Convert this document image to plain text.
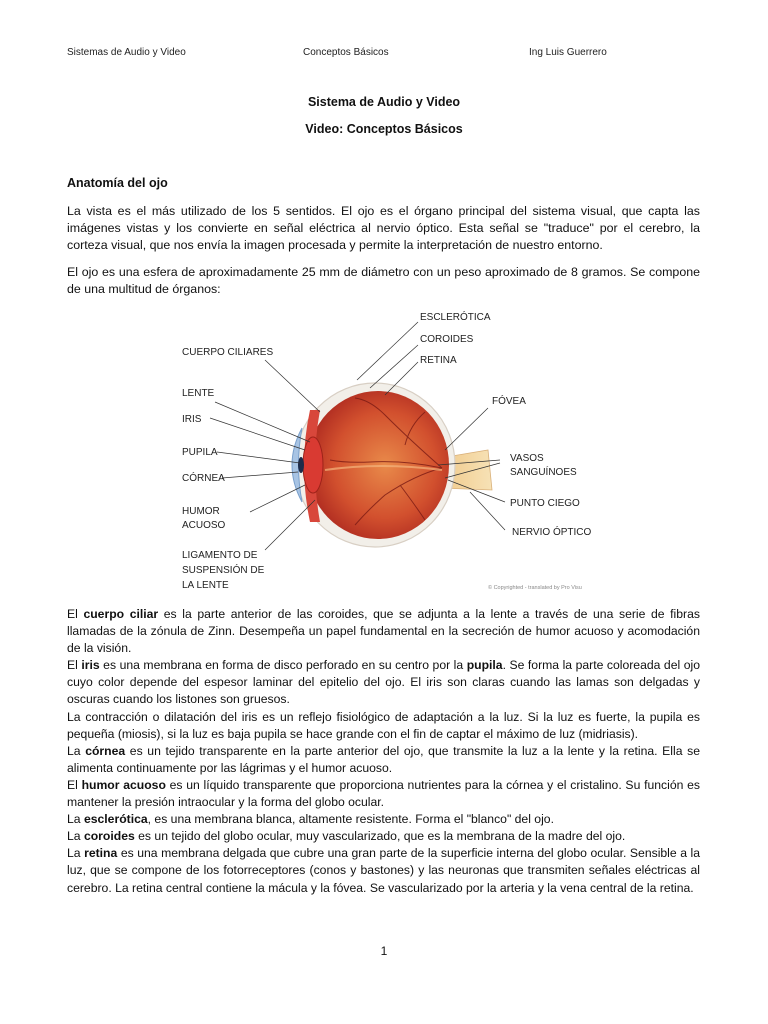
Sistemas de Audio y Video	Conceptos Básicos	Ing Luis Guerrero
Sistema de Audio y Video
Video: Conceptos Básicos
Anatomía del ojo

La vista es el más utilizado de los 5 sentidos. El ojo es el órgano principal del sistema visual, que capta las imágenes vistas y los convierte en señal eléctrica al nervio óptico. Esta señal se "traduce" por el cerebro, la corteza visual, que nos envía la imagen procesada y permite la interpretación de nuestro entorno.

El ojo es una esfera de aproximadamente 25 mm de diámetro con un peso aproximado de 8 gramos. Se compone de una multitud de órganos:

CUERPO CILIARES
LENTE
IRIS
PUPILA
CÓRNEA
HUMOR
ACUOSO
LIGAMENTO DE
SUSPENSIÓN DE
LA LENTE
ESCLERÓTICA
COROIDES
RETINA
FÓVEA
VASOS
SANGUÍNOES
PUNTO CIEGO
NERVIO ÓPTICO
© Copyrighted - translated by Pro Visu

El cuerpo ciliar es la parte anterior de las coroides, que se adjunta a la lente a través de una serie de fibras llamadas de la zónula de Zinn. Desempeña un papel fundamental en la secreción de humor acuoso y acomodación de la visión.

El iris es una membrana en forma de disco perforado en su centro por la pupila. Se forma la parte coloreada del ojo cuyo color depende del espesor laminar del epitelio del ojo. El iris son claras cuando las lamas son delgadas y oscuras cuando los listones son gruesos.

La contracción o dilatación del iris es un reflejo fisiológico de adaptación a la luz. Si la luz es fuerte, la pupila es pequeña (miosis), si la luz es baja pupila se hace grande con el fin de captar el máximo de luz (midriasis).

La córnea es un tejido transparente en la parte anterior del ojo, que transmite la luz a la lente y la retina. Ella se alimenta continuamente por las lágrimas y el humor acuoso.

El humor acuoso es un líquido transparente que proporciona nutrientes para la córnea y el cristalino. Su función es mantener la presión intraocular y la forma del globo ocular.

La esclerótica, es una membrana blanca, altamente resistente. Forma el "blanco" del ojo.

La coroides es un tejido del globo ocular, muy vascularizado, que es la membrana de la madre del ojo.

La retina es una membrana delgada que cubre una gran parte de la superficie interna del globo ocular. Sensible a la luz, que se compone de los fotorreceptores (conos y bastones) y las neuronas que transmiten señales eléctricas al cerebro. La retina central contiene la mácula y la fóvea. Se vascularizado por la arteria y la vena central de la retina.

1
